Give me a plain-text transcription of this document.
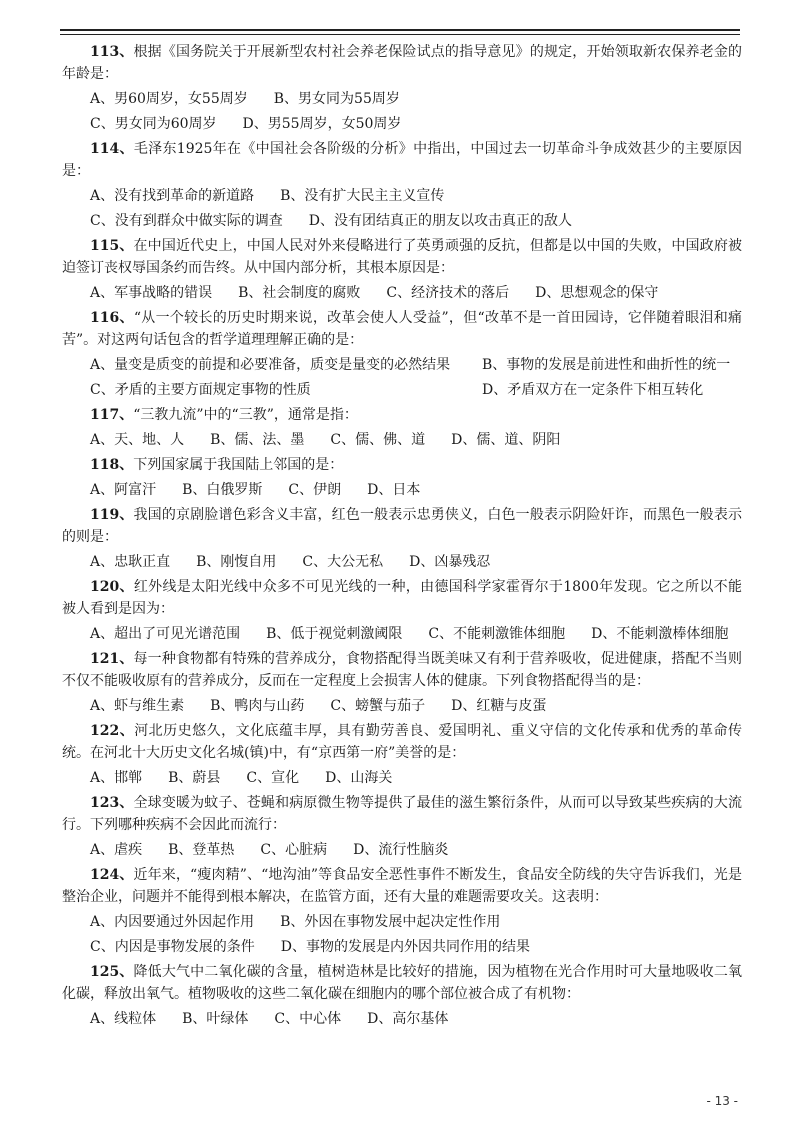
113、根据《国务院关于开展新型农村社会养老保险试点的指导意见》的规定，开始领取新农保养老金的年龄是：

A、男60周岁，女55周岁 B、男女同为55周岁
C、男女同为60周岁 D、男55周岁，女50周岁

114、毛泽东1925年在《中国社会各阶级的分析》中指出，中国过去一切革命斗争成效甚少的主要原因是：

A、没有找到革命的新道路 B、没有扩大民主主义宣传
C、没有到群众中做实际的调查 D、没有团结真正的朋友以攻击真正的敌人

115、在中国近代史上，中国人民对外来侵略进行了英勇顽强的反抗，但都是以中国的失败，中国政府被迫签订丧权辱国条约而告终。从中国内部分析，其根本原因是：

A、军事战略的错误 B、社会制度的腐败 C、经济技术的落后 D、思想观念的保守

116、“从一个较长的历史时期来说，改革会使人人受益”，但“改革不是一首田园诗，它伴随着眼泪和痛苦”。对这两句话包含的哲学道理理解正确的是：

A、量变是质变的前提和必要准备，质变是量变的必然结果 B、事物的发展是前进性和曲折性的统一
C、矛盾的主要方面规定事物的性质	D、矛盾双方在一定条件下相互转化

117、“三教九流”中的“三教”，通常是指：

A、天、地、人 B、儒、法、墨 C、儒、佛、道 D、儒、道、阴阳

118、下列国家属于我国陆上邻国的是：

A、阿富汗 B、白俄罗斯 C、伊朗 D、日本

119、我国的京剧脸谱色彩含义丰富，红色一般表示忠勇侠义，白色一般表示阴险奸诈，而黑色一般表示的则是：

A、忠耿正直 B、刚愎自用 C、大公无私 D、凶暴残忍

120、红外线是太阳光线中众多不可见光线的一种，由德国科学家霍胥尔于1800年发现。它之所以不能被人看到是因为：

A、超出了可见光谱范围 B、低于视觉刺激阈限 C、不能刺激锥体细胞 D、不能刺激棒体细胞

121、每一种食物都有特殊的营养成分，食物搭配得当既美味又有利于营养吸收，促进健康，搭配不当则不仅不能吸收原有的营养成分，反而在一定程度上会损害人体的健康。下列食物搭配得当的是：

A、虾与维生素 B、鸭肉与山药 C、螃蟹与茄子 D、红糖与皮蛋

122、河北历史悠久，文化底蕴丰厚，具有勤劳善良、爱国明礼、重义守信的文化传承和优秀的革命传统。在河北十大历史文化名城(镇)中，有“京西第一府”美誉的是：

A、邯郸 B、蔚县 C、宣化 D、山海关

123、全球变暖为蚊子、苍蝇和病原微生物等提供了最佳的滋生繁衍条件，从而可以导致某些疾病的大流行。下列哪种疾病不会因此而流行：

A、虐疾 B、登革热 C、心脏病 D、流行性脑炎

124、近年来，“瘦肉精”、“地沟油”等食品安全恶性事件不断发生，食品安全防线的失守告诉我们，光是整治企业，问题并不能得到根本解决，在监管方面，还有大量的难题需要攻关。这表明：

A、内因要通过外因起作用 B、外因在事物发展中起决定性作用
C、内因是事物发展的条件 D、事物的发展是内外因共同作用的结果

125、降低大气中二氧化碳的含量，植树造林是比较好的措施，因为植物在光合作用时可大量地吸收二氧化碳，释放出氧气。植物吸收的这些二氧化碳在细胞内的哪个部位被合成了有机物：

A、线粒体 B、叶绿体 C、中心体 D、高尔基体
- 13 -
